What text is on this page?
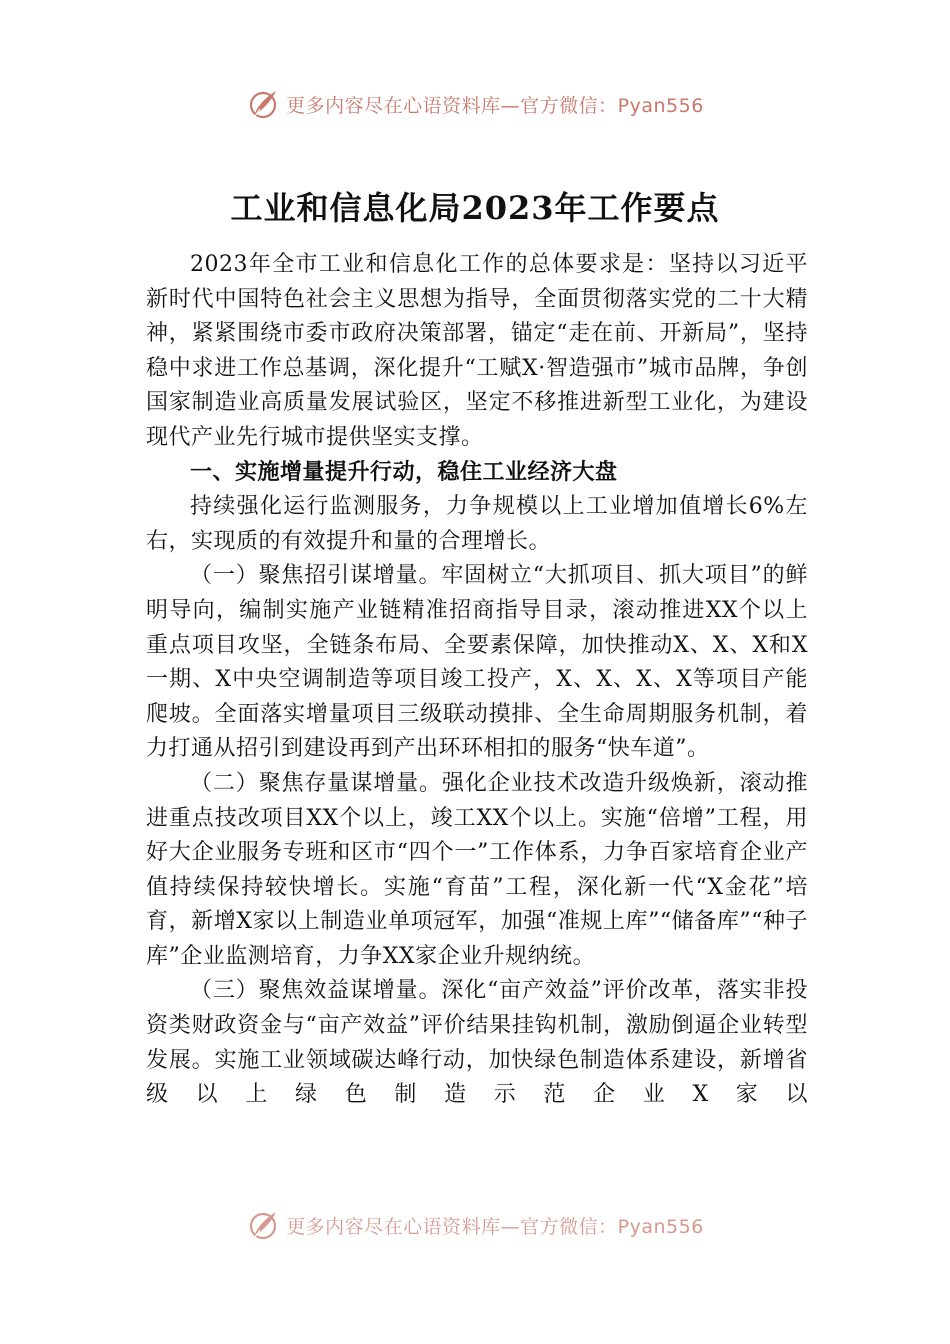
更多内容尽在心语资料库—官方微信：Pyan556
工业和信息化局2023年工作要点

2023年全市工业和信息化工作的总体要求是：坚持以习近平新时代中国特色社会主义思想为指导，全面贯彻落实党的二十大精神，紧紧围绕市委市政府决策部署，锚定“走在前、开新局”，坚持稳中求进工作总基调，深化提升“工赋X·智造强市”城市品牌，争创国家制造业高质量发展试验区，坚定不移推进新型工业化，为建设现代产业先行城市提供坚实支撑。

一、实施增量提升行动，稳住工业经济大盘

持续强化运行监测服务，力争规模以上工业增加值增长6%左右，实现质的有效提升和量的合理增长。

（一）聚焦招引谋增量。牢固树立“大抓项目、抓大项目”的鲜明导向，编制实施产业链精准招商指导目录，滚动推进XX个以上重点项目攻坚，全链条布局、全要素保障，加快推动X、X、X和X一期、X中央空调制造等项目竣工投产，X、X、X、X等项目产能爬坡。全面落实增量项目三级联动摸排、全生命周期服务机制，着力打通从招引到建设再到产出环环相扣的服务“快车道”。

（二）聚焦存量谋增量。强化企业技术改造升级焕新，滚动推进重点技改项目XX个以上，竣工XX个以上。实施“倍增”工程，用好大企业服务专班和区市“四个一”工作体系，力争百家培育企业产值持续保持较快增长。实施“育苗”工程，深化新一代“X金花”培育，新增X家以上制造业单项冠军，加强“准规上库”“储备库”“种子库”企业监测培育，力争XX家企业升规纳统。

（三）聚焦效益谋增量。深化“亩产效益”评价改革，落实非投资类财政资金与“亩产效益”评价结果挂钩机制，激励倒逼企业转型发展。实施工业领域碳达峰行动，加快绿色制造体系建设，新增省级以上绿色制造示范企业X家以

更多内容尽在心语资料库—官方微信：Pyan556
